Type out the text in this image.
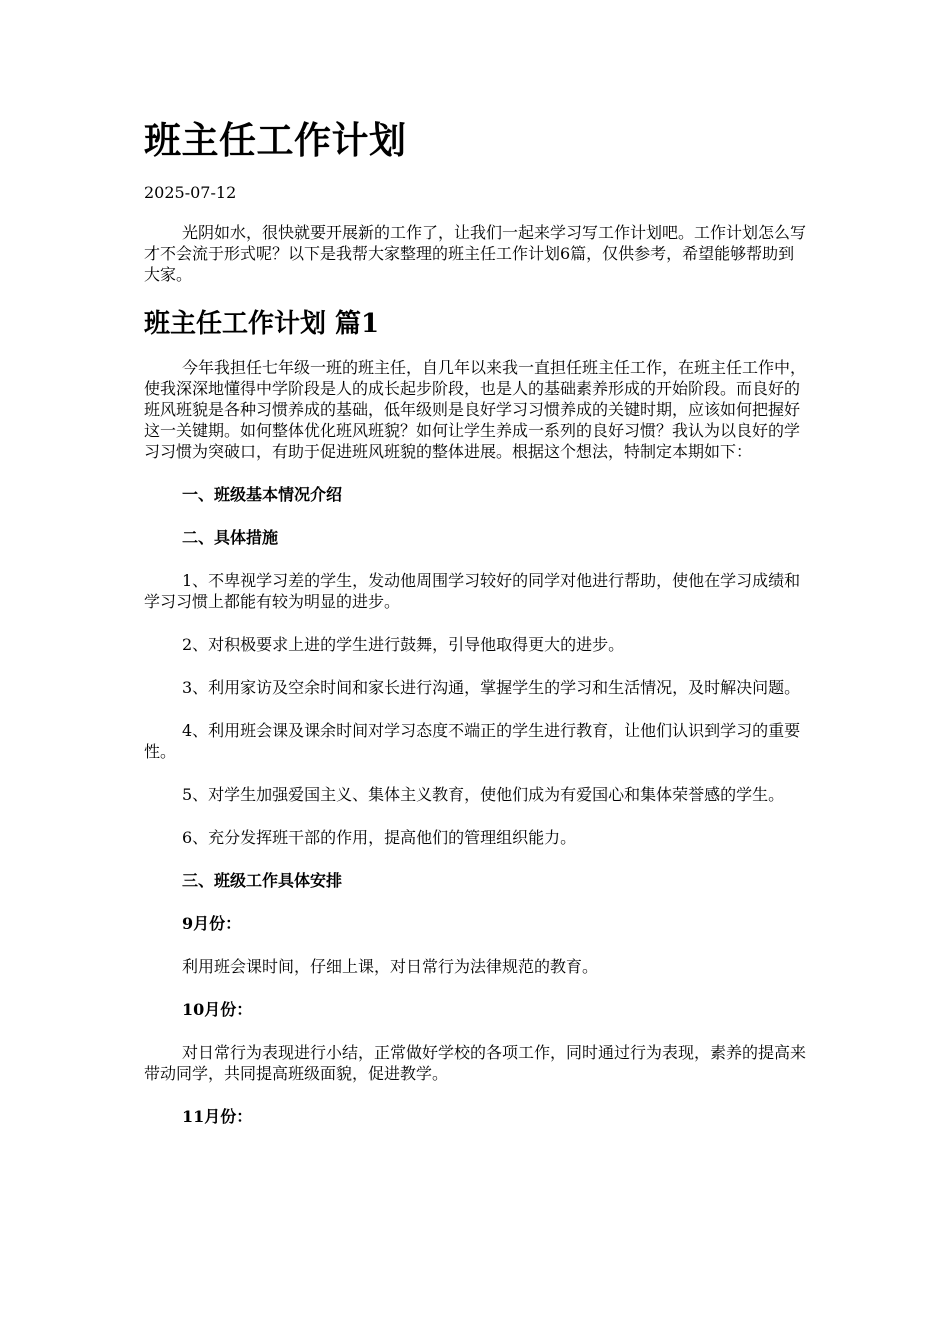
班主任工作计划
2025-07-12

光阴如水，很快就要开展新的工作了，让我们一起来学习写工作计划吧。工作计划怎么写才不会流于形式呢？以下是我帮大家整理的班主任工作计划6篇，仅供参考，希望能够帮助到大家。

班主任工作计划 篇1

今年我担任七年级一班的班主任，自几年以来我一直担任班主任工作，在班主任工作中，使我深深地懂得中学阶段是人的成长起步阶段，也是人的基础素养形成的开始阶段。而良好的班风班貌是各种习惯养成的基础，低年级则是良好学习习惯养成的关键时期，应该如何把握好这一关键期。如何整体优化班风班貌？如何让学生养成一系列的良好习惯？我认为以良好的学习习惯为突破口，有助于促进班风班貌的整体进展。根据这个想法，特制定本期如下：

一、班级基本情况介绍

二、具体措施

1、不卑视学习差的学生，发动他周围学习较好的同学对他进行帮助，使他在学习成绩和学习习惯上都能有较为明显的进步。

2、对积极要求上进的学生进行鼓舞，引导他取得更大的进步。

3、利用家访及空余时间和家长进行沟通，掌握学生的学习和生活情况，及时解决问题。

4、利用班会课及课余时间对学习态度不端正的学生进行教育，让他们认识到学习的重要性。

5、对学生加强爱国主义、集体主义教育，使他们成为有爱国心和集体荣誉感的学生。

6、充分发挥班干部的作用，提高他们的管理组织能力。

三、班级工作具体安排

9月份：

利用班会课时间，仔细上课，对日常行为法律规范的教育。

10月份：

对日常行为表现进行小结，正常做好学校的各项工作，同时通过行为表现，素养的提高来带动同学，共同提高班级面貌，促进教学。

11月份：
